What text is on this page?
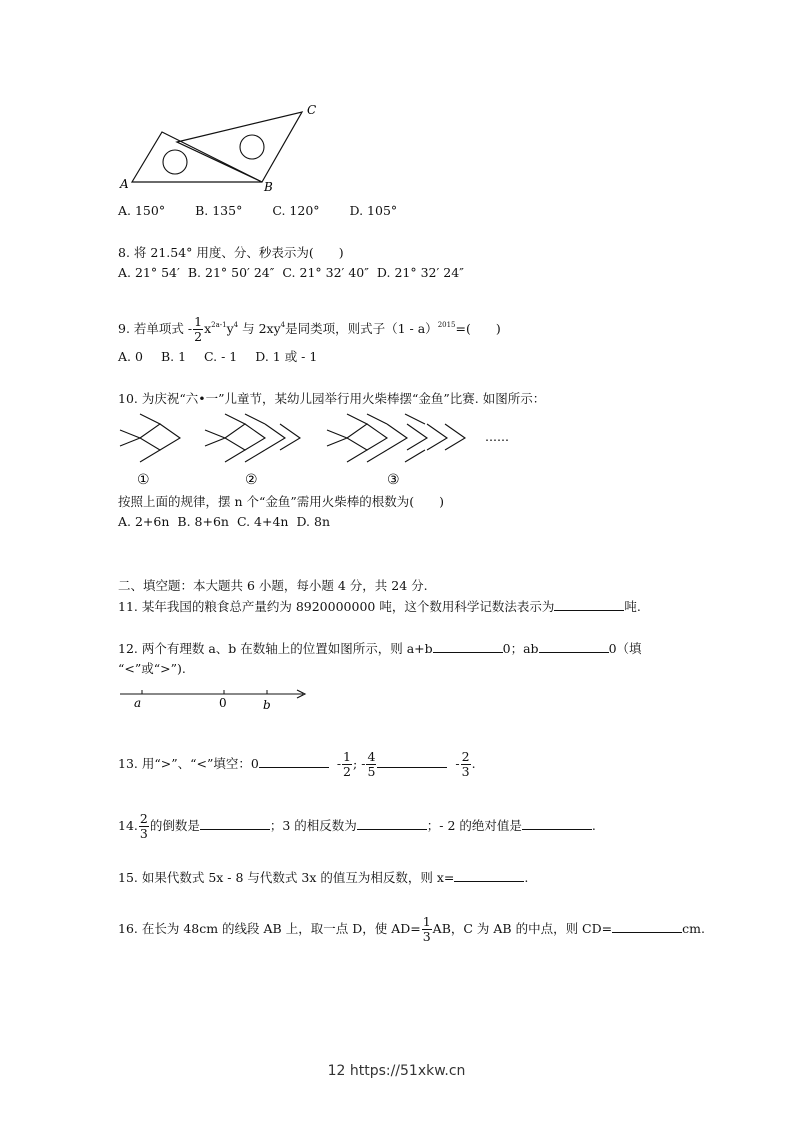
A	B
C
A. 150° B. 135° C. 120° D. 105°
8. 将 21.54° 用度、分、秒表示为(　　)
A. 21° 54′ B. 21° 50′ 24″ C. 21° 32′ 40″ D. 21° 32′ 24″
9. 若单项式 - $\frac{1}{2} x^{2a-1}y^4$ 与 $2xy^4$是同类项，则式子（1 - a）$^{2015}$=(　　)
A. 0 B. 1 C. - 1 D. 1 或 - 1
10. 为庆祝“六•一”儿童节，某幼儿园举行用火柴棒摆“金鱼”比赛. 如图所示：
①	②	③
……
按照上面的规律，摆 n 个“金鱼”需用火柴棒的根数为(　　)
A. 2+6n B. 8+6n C. 4+4n D. 8n
二、填空题：本大题共 6 小题，每小题 4 分，共 24 分.
11. 某年我国的粮食总产量约为 8920000000 吨，这个数用科学记数法表示为	吨.
12. 两个有理数 a、b 在数轴上的位置如图所示，则 a+b	0；ab	0（填
“<”或“>”).
a	0	b
13. 用“>”、“<”填空：0	- $\frac{1}{2}$ ; - $\frac{4}{5}$	- $\frac{2}{3}$ .
14. $\frac{2}{3}$ 的倒数是	；3 的相反数为	；- 2 的绝对值是	.
15. 如果代数式 5x - 8 与代数式 3x 的值互为相反数，则 x=	.
16. 在长为 48cm 的线段 AB 上，取一点 D，使 $AD= \frac{1}{3}$ AB，C 为 AB 的中点，则 CD=	cm.
12 https://51xkw.cn
